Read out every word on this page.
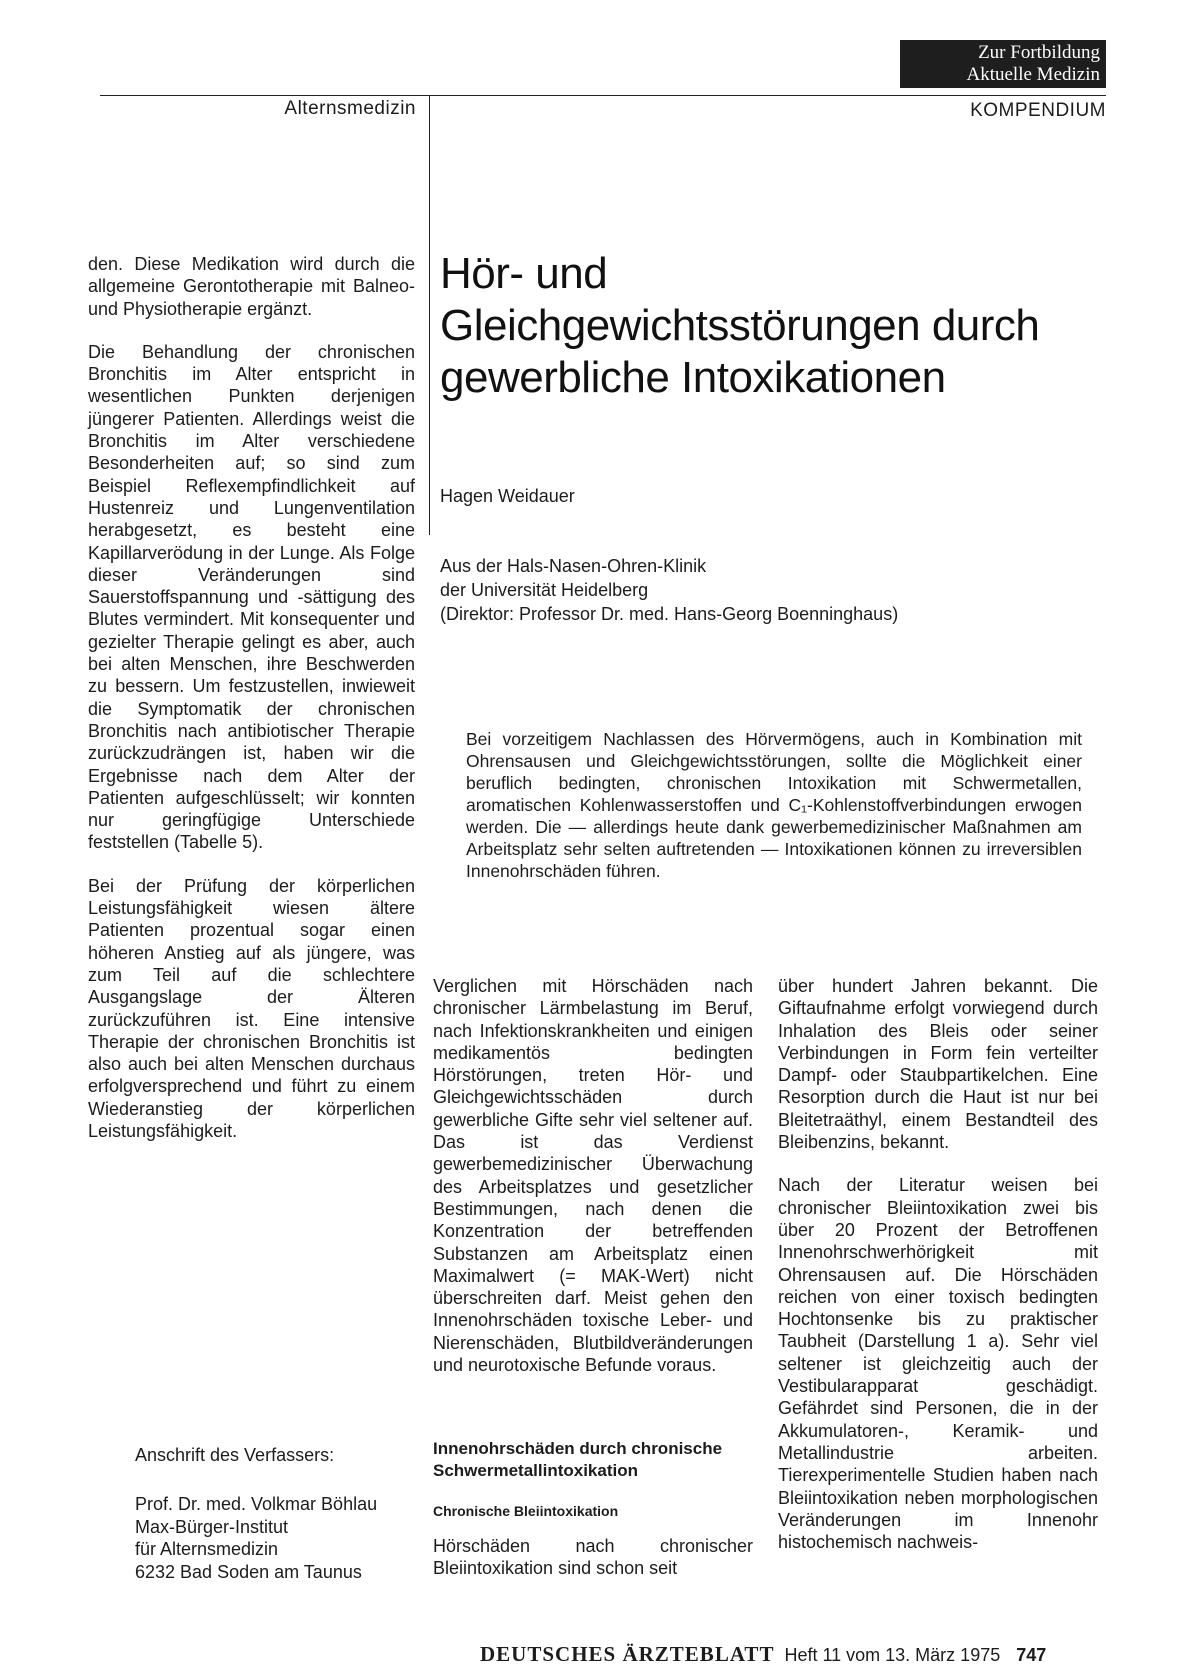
Zur Fortbildung
Aktuelle Medizin
Alternsmedizin	KOMPENDIUM
Hör- und
Gleichgewichtsstörungen durch
gewerbliche Intoxikationen
Hagen Weidauer
Aus der Hals-Nasen-Ohren-Klinik
der Universität Heidelberg
(Direktor: Professor Dr. med. Hans-Georg Boenninghaus)
Bei vorzeitigem Nachlassen des Hörvermögens, auch in Kombination mit Ohrensausen und Gleichgewichtsstörungen, sollte die Möglichkeit einer beruflich bedingten, chronischen Intoxikation mit Schwermetallen, aromatischen Kohlenwasserstoffen und C₁-Kohlenstoffverbindungen erwogen werden. Die — allerdings heute dank gewerbemedizinischer Maßnahmen am Arbeitsplatz sehr selten auftretenden — Intoxikationen können zu irreversiblen Innenohrschäden führen.

den. Diese Medikation wird durch die allgemeine Gerontotherapie mit Balneo- und Physiotherapie ergänzt.

Die Behandlung der chronischen Bronchitis im Alter entspricht in wesentlichen Punkten derjenigen jüngerer Patienten. Allerdings weist die Bronchitis im Alter verschiedene Besonderheiten auf; so sind zum Beispiel Reflexempfindlichkeit auf Hustenreiz und Lungenventilation herabgesetzt, es besteht eine Kapillarverödung in der Lunge. Als Folge dieser Veränderungen sind Sauerstoffspannung und -sättigung des Blutes vermindert. Mit konsequenter und gezielter Therapie gelingt es aber, auch bei alten Menschen, ihre Beschwerden zu bessern. Um festzustellen, inwieweit die Symptomatik der chronischen Bronchitis nach antibiotischer Therapie zurückzudrängen ist, haben wir die Ergebnisse nach dem Alter der Patienten aufgeschlüsselt; wir konnten nur geringfügige Unterschiede feststellen (Tabelle 5).

Bei der Prüfung der körperlichen Leistungsfähigkeit wiesen ältere Patienten prozentual sogar einen höheren Anstieg auf als jüngere, was zum Teil auf die schlechtere Ausgangslage der Älteren zurückzuführen ist. Eine intensive Therapie der chronischen Bronchitis ist also auch bei alten Menschen durchaus erfolgversprechend und führt zu einem Wiederanstieg der körperlichen Leistungsfähigkeit.

Anschrift des Verfassers:
Prof. Dr. med. Volkmar Böhlau
Max-Bürger-Institut
für Alternsmedizin
6232 Bad Soden am Taunus

Verglichen mit Hörschäden nach chronischer Lärmbelastung im Beruf, nach Infektionskrankheiten und einigen medikamentös bedingten Hörstörungen, treten Hör- und Gleichgewichtsschäden durch gewerbliche Gifte sehr viel seltener auf. Das ist das Verdienst gewerbemedizinischer Überwachung des Arbeitsplatzes und gesetzlicher Bestimmungen, nach denen die Konzentration der betreffenden Substanzen am Arbeitsplatz einen Maximalwert (= MAK-Wert) nicht überschreiten darf. Meist gehen den Innenohrschäden toxische Leber- und Nierenschäden, Blutbildveränderungen und neurotoxische Befunde voraus.

Innenohrschäden durch chronische Schwermetallintoxikation
Chronische Bleiintoxikation
Hörschäden nach chronischer Bleiintoxikation sind schon seit

über hundert Jahren bekannt. Die Giftaufnahme erfolgt vorwiegend durch Inhalation des Bleis oder seiner Verbindungen in Form fein verteilter Dampf- oder Staubpartikelchen. Eine Resorption durch die Haut ist nur bei Bleitetraäthyl, einem Bestandteil des Bleibenzins, bekannt.

Nach der Literatur weisen bei chronischer Bleiintoxikation zwei bis über 20 Prozent der Betroffenen Innenohrschwerhörigkeit mit Ohrensausen auf. Die Hörschäden reichen von einer toxisch bedingten Hochtonsenke bis zu praktischer Taubheit (Darstellung 1 a). Sehr viel seltener ist gleichzeitig auch der Vestibularapparat geschädigt. Gefährdet sind Personen, die in der Akkumulatoren-, Keramik- und Metallindustrie arbeiten. Tierexperimentelle Studien haben nach Bleiintoxikation neben morphologischen Veränderungen im Innenohr histochemisch nachweis-

DEUTSCHES ÄRZTEBLATT Heft 11 vom 13. März 1975 747
